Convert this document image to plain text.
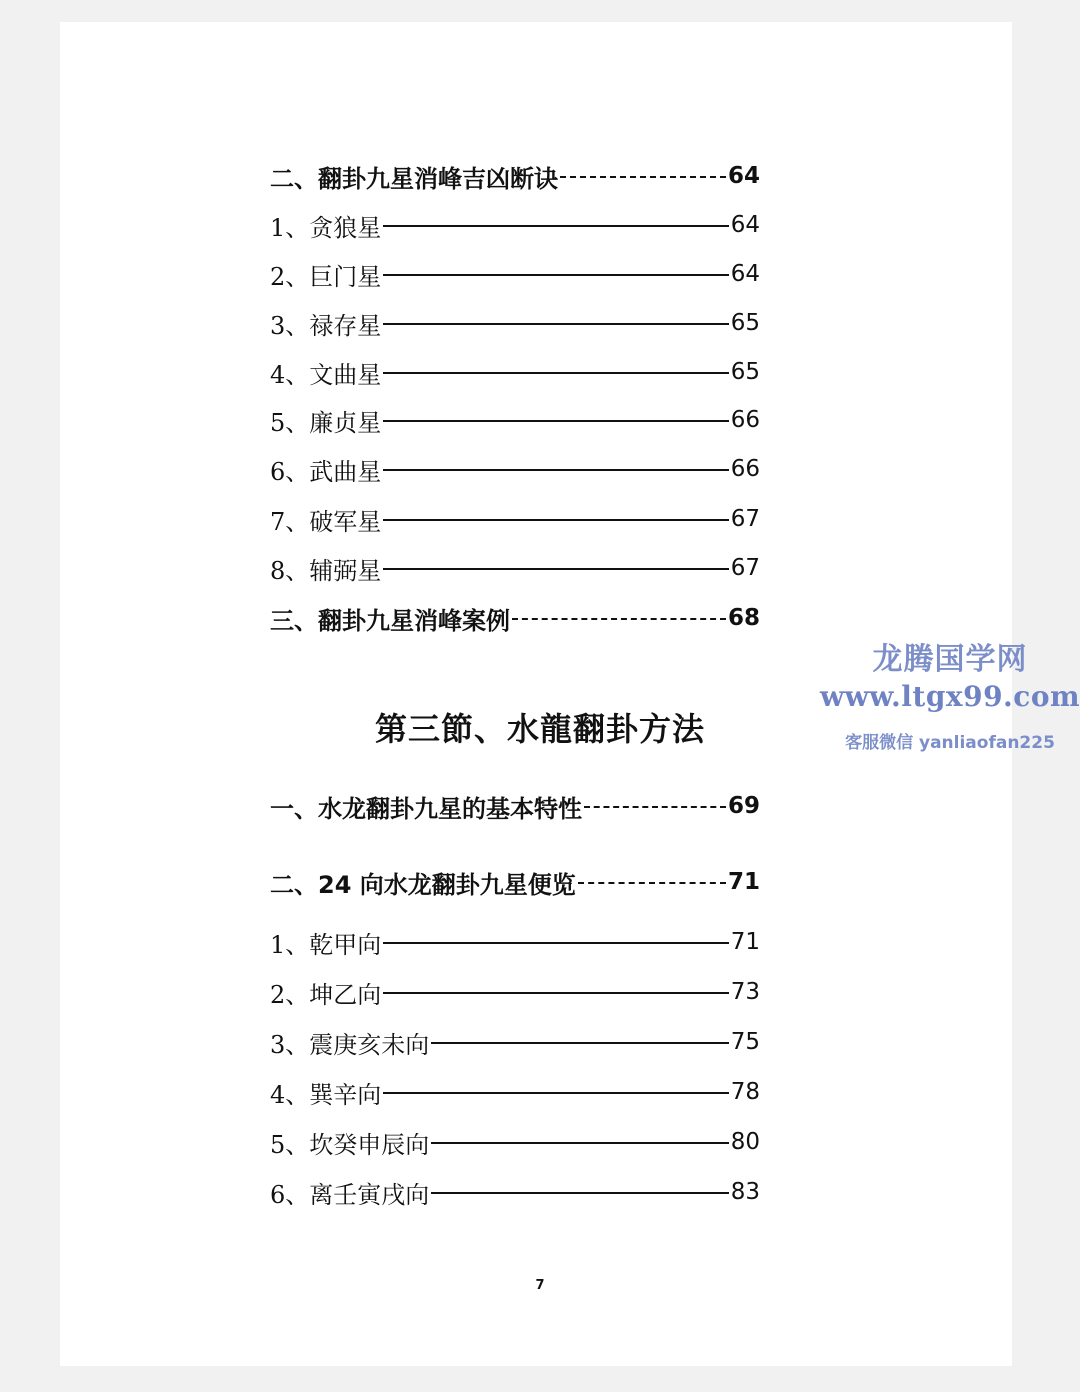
二、翻卦九星消峰吉凶断诀	64
1、贪狼星	64
2、巨门星	64
3、禄存星	65
4、文曲星	65
5、廉贞星	66
6、武曲星	66
7、破军星	67
8、辅弼星	67
三、翻卦九星消峰案例	68
第三節、水龍翻卦方法
一、水龙翻卦九星的基本特性	69
二、24 向水龙翻卦九星便览	71
1、乾甲向	71
2、坤乙向	73
3、震庚亥未向	75
4、巽辛向	78
5、坎癸申辰向	80
6、离壬寅戌向	83
7
龙腾国学网
www.ltgx99.com
客服微信 yanliaofan225
